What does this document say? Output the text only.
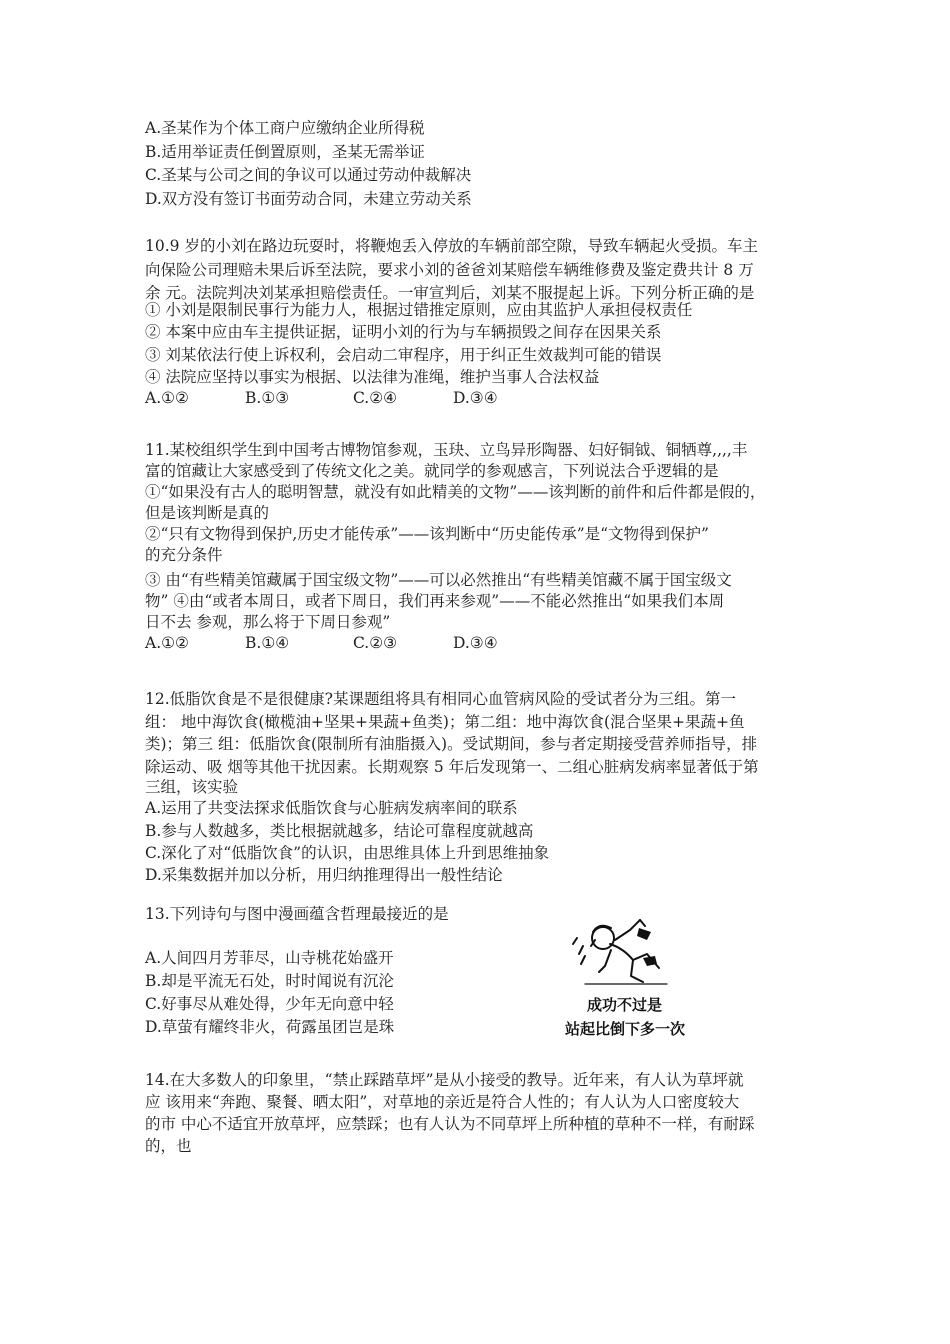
A.圣某作为个体工商户应缴纳企业所得税
B.适用举证责任倒置原则，圣某无需举证
C.圣某与公司之间的争议可以通过劳动仲裁解决
D.双方没有签订书面劳动合同，未建立劳动关系
10.9 岁的小刘在路边玩耍时，将鞭炮丢入停放的车辆前部空隙，导致车辆起火受损。车主
向保险公司理赔未果后诉至法院，要求小刘的爸爸刘某赔偿车辆维修费及鉴定费共计 8 万
余 元。法院判决刘某承担赔偿责任。一审宣判后，刘某不服提起上诉。下列分析正确的是
① 小刘是限制民事行为能力人，根据过错推定原则，应由其监护人承担侵权责任
② 本案中应由车主提供证据，证明小刘的行为与车辆损毁之间存在因果关系
③ 刘某依法行使上诉权利，会启动二审程序，用于纠正生效裁判可能的错误
④ 法院应坚持以事实为根据、以法律为准绳，维护当事人合法权益
A.①②	B.①③	C.②④	D.③④
11.某校组织学生到中国考古博物馆参观，玉玦、立鸟异形陶器、妇好铜钺、铜牺尊,,,,丰
富的馆藏让大家感受到了传统文化之美。就同学的参观感言，下列说法合乎逻辑的是
①“如果没有古人的聪明智慧，就没有如此精美的文物”——该判断的前件和后件都是假的，
但是该判断是真的
②“只有文物得到保护,历史才能传承”——该判断中“历史能传承”是“文物得到保护”
的充分条件
③ 由“有些精美馆藏属于国宝级文物”——可以必然推出“有些精美馆藏不属于国宝级文
物” ④由“或者本周日，或者下周日，我们再来参观”——不能必然推出“如果我们本周
日不去 参观，那么将于下周日参观”
A.①②	B.①④	C.②③	D.③④
12.低脂饮食是不是很健康?某课题组将具有相同心血管病风险的受试者分为三组。第一
组： 地中海饮食(橄榄油+坚果+果蔬+鱼类)；第二组：地中海饮食(混合坚果+果蔬+鱼
类)；第三 组：低脂饮食(限制所有油脂摄入)。受试期间，参与者定期接受营养师指导，排
除运动、吸 烟等其他干扰因素。长期观察 5 年后发现第一、二组心脏病发病率显著低于第
三组，该实验
A.运用了共变法探求低脂饮食与心脏病发病率间的联系
B.参与人数越多，类比根据就越多，结论可靠程度就越高
C.深化了对“低脂饮食”的认识，由思维具体上升到思维抽象
D.采集数据并加以分析，用归纳推理得出一般性结论
13.下列诗句与图中漫画蕴含哲理最接近的是
A.人间四月芳菲尽，山寺桃花始盛开
B.却是平流无石处，时时闻说有沉沦
C.好事尽从难处得，少年无向意中轻
D.草萤有耀终非火，荷露虽团岂是珠
成功不过是
站起比倒下多一次
14.在大多数人的印象里，“禁止踩踏草坪”是从小接受的教导。近年来，有人认为草坪就
应 该用来“奔跑、聚餐、晒太阳”，对草地的亲近是符合人性的；有人认为人口密度较大
的市 中心不适宜开放草坪，应禁踩；也有人认为不同草坪上所种植的草种不一样，有耐踩
的，也
